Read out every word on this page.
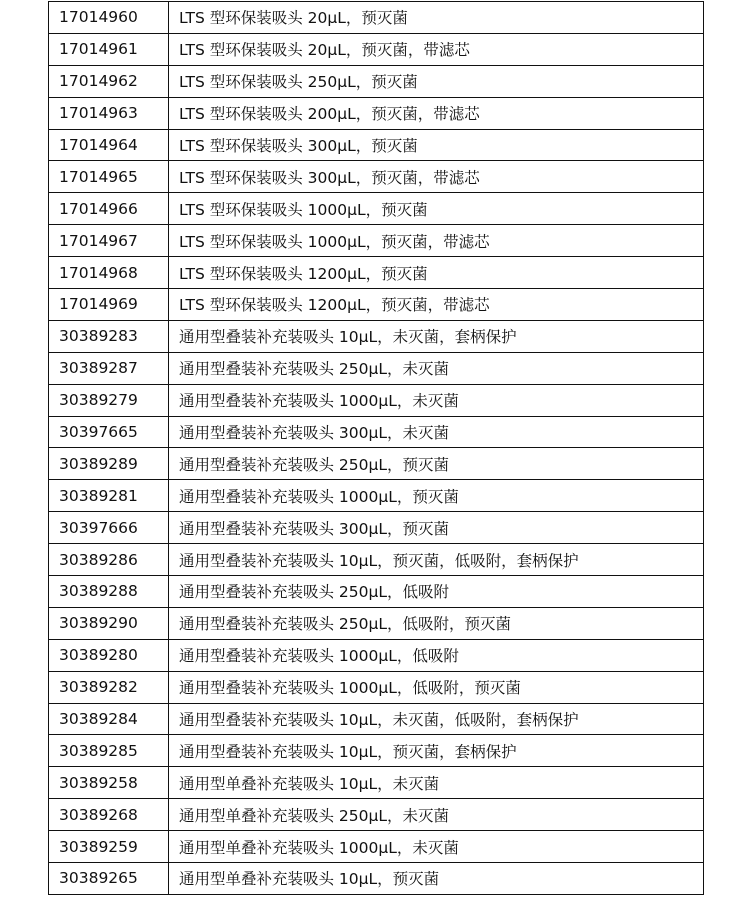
17014960	LTS 型环保装吸头 20µL，预灭菌
17014961	LTS 型环保装吸头 20µL，预灭菌，带滤芯
17014962	LTS 型环保装吸头 250µL，预灭菌
17014963	LTS 型环保装吸头 200µL，预灭菌，带滤芯
17014964	LTS 型环保装吸头 300µL，预灭菌
17014965	LTS 型环保装吸头 300µL，预灭菌，带滤芯
17014966	LTS 型环保装吸头 1000µL，预灭菌
17014967	LTS 型环保装吸头 1000µL，预灭菌，带滤芯
17014968	LTS 型环保装吸头 1200µL，预灭菌
17014969	LTS 型环保装吸头 1200µL，预灭菌，带滤芯
30389283	通用型叠装补充装吸头 10µL，未灭菌，套柄保护
30389287	通用型叠装补充装吸头 250µL，未灭菌
30389279	通用型叠装补充装吸头 1000µL，未灭菌
30397665	通用型叠装补充装吸头 300µL，未灭菌
30389289	通用型叠装补充装吸头 250µL，预灭菌
30389281	通用型叠装补充装吸头 1000µL，预灭菌
30397666	通用型叠装补充装吸头 300µL，预灭菌
30389286	通用型叠装补充装吸头 10µL，预灭菌，低吸附，套柄保护
30389288	通用型叠装补充装吸头 250µL，低吸附
30389290	通用型叠装补充装吸头 250µL，低吸附，预灭菌
30389280	通用型叠装补充装吸头 1000µL，低吸附
30389282	通用型叠装补充装吸头 1000µL，低吸附，预灭菌
30389284	通用型叠装补充装吸头 10µL，未灭菌，低吸附，套柄保护
30389285	通用型叠装补充装吸头 10µL，预灭菌，套柄保护
30389258	通用型单叠补充装吸头 10µL，未灭菌
30389268	通用型单叠补充装吸头 250µL，未灭菌
30389259	通用型单叠补充装吸头 1000µL，未灭菌
30389265	通用型单叠补充装吸头 10µL，预灭菌
